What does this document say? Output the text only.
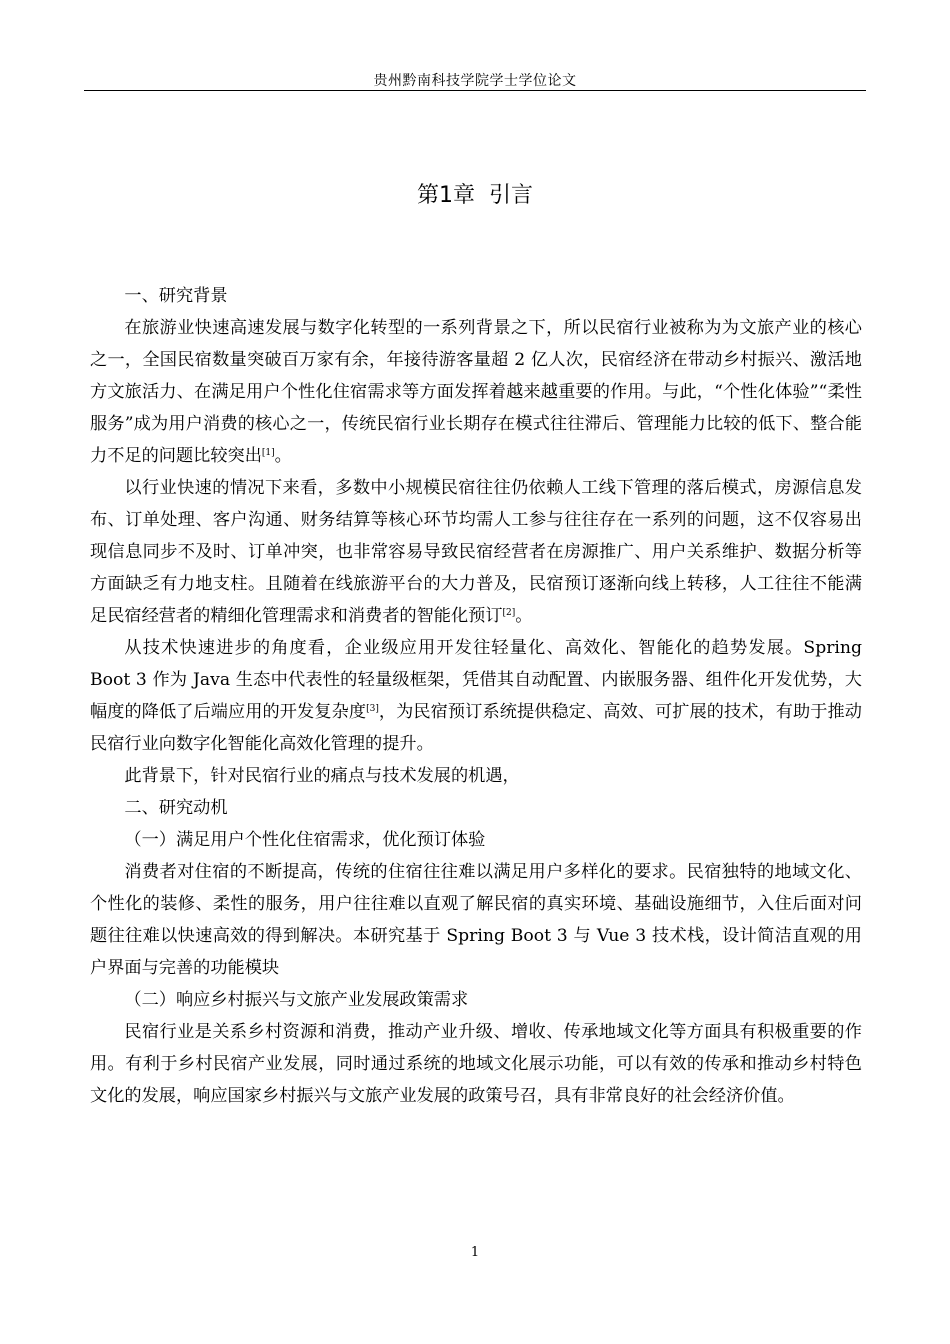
贵州黔南科技学院学士学位论文
第1章 引言

一、研究背景

在旅游业快速高速发展与数字化转型的一系列背景之下，所以民宿行业被称为为文旅产业的核心之一，全国民宿数量突破百万家有余，年接待游客量超 2 亿人次，民宿经济在带动乡村振兴、激活地方文旅活力、在满足用户个性化住宿需求等方面发挥着越来越重要的作用。与此，“个性化体验”“柔性服务”成为用户消费的核心之一，传统民宿行业长期存在模式往往滞后、管理能力比较的低下、整合能力不足的问题比较突出[1]。

以行业快速的情况下来看，多数中小规模民宿往往仍依赖人工线下管理的落后模式，房源信息发布、订单处理、客户沟通、财务结算等核心环节均需人工参与往往存在一系列的问题，这不仅容易出现信息同步不及时、订单冲突，也非常容易导致民宿经营者在房源推广、用户关系维护、数据分析等方面缺乏有力地支柱。且随着在线旅游平台的大力普及，民宿预订逐渐向线上转移，人工往往不能满足民宿经营者的精细化管理需求和消费者的智能化预订[2]。

从技术快速进步的角度看，企业级应用开发往轻量化、高效化、智能化的趋势发展。Spring Boot 3 作为 Java 生态中代表性的轻量级框架，凭借其自动配置、内嵌服务器、组件化开发优势，大幅度的降低了后端应用的开发复杂度[3]，为民宿预订系统提供稳定、高效、可扩展的技术，有助于推动民宿行业向数字化智能化高效化管理的提升。

此背景下，针对民宿行业的痛点与技术发展的机遇，

二、研究动机

（一）满足用户个性化住宿需求，优化预订体验

消费者对住宿的不断提高，传统的住宿往往难以满足用户多样化的要求。民宿独特的地域文化、个性化的装修、柔性的服务，用户往往难以直观了解民宿的真实环境、基础设施细节，入住后面对问题往往难以快速高效的得到解决。本研究基于 Spring Boot 3 与 Vue 3 技术栈，设计简洁直观的用户界面与完善的功能模块

（二）响应乡村振兴与文旅产业发展政策需求

民宿行业是关系乡村资源和消费，推动产业升级、增收、传承地域文化等方面具有积极重要的作用。有利于乡村民宿产业发展，同时通过系统的地域文化展示功能，可以有效的传承和推动乡村特色文化的发展，响应国家乡村振兴与文旅产业发展的政策号召，具有非常良好的社会经济价值。

1
